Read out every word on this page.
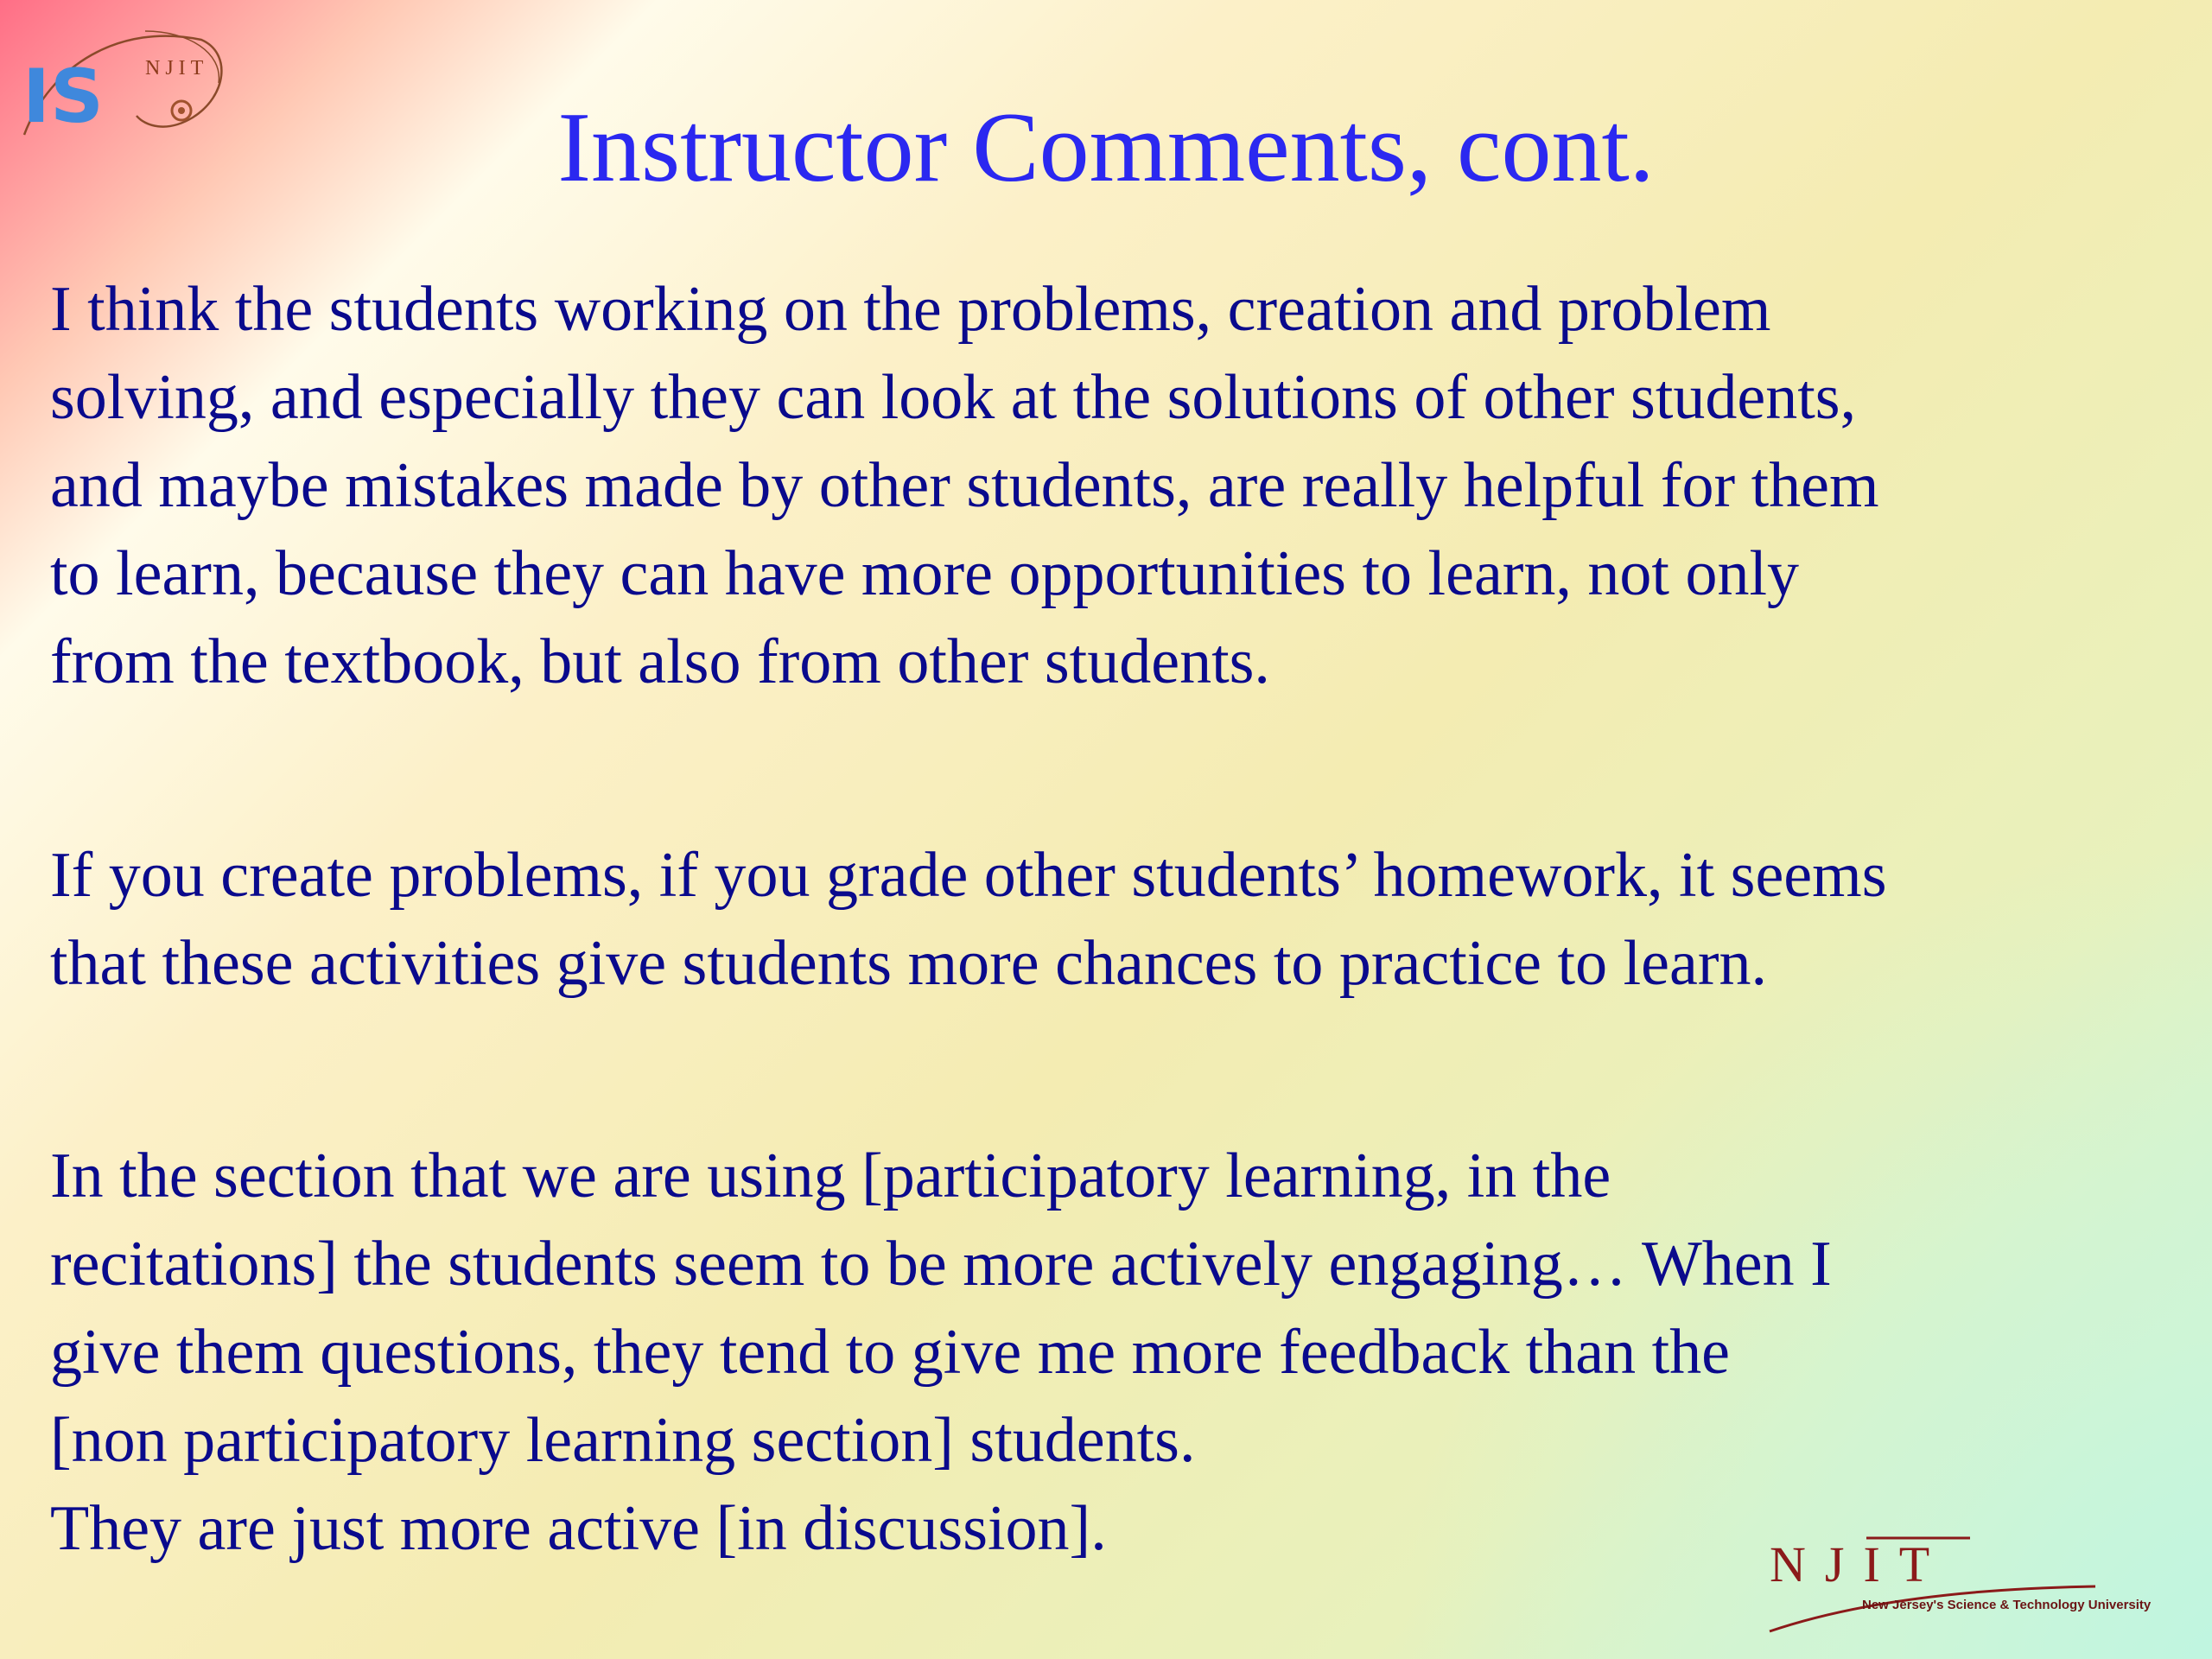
IS NJIT
Instructor Comments, cont.

I think the students working on the problems, creation and problem
solving, and especially they can look at the solutions of other students,
and maybe mistakes made by other students, are really helpful for them
to learn, because they can have more opportunities to learn, not only
from the textbook, but also from other students.

If you create problems, if you grade other students’ homework, it seems
that these activities give students more chances to practice to learn.

In the section that we are using [participatory learning, in the
recitations] the students seem to be more actively engaging… When I
give them questions, they tend to give me more feedback than the
[non participatory learning section] students.
They are just more active [in discussion].

NJIT
New Jersey's Science & Technology University
